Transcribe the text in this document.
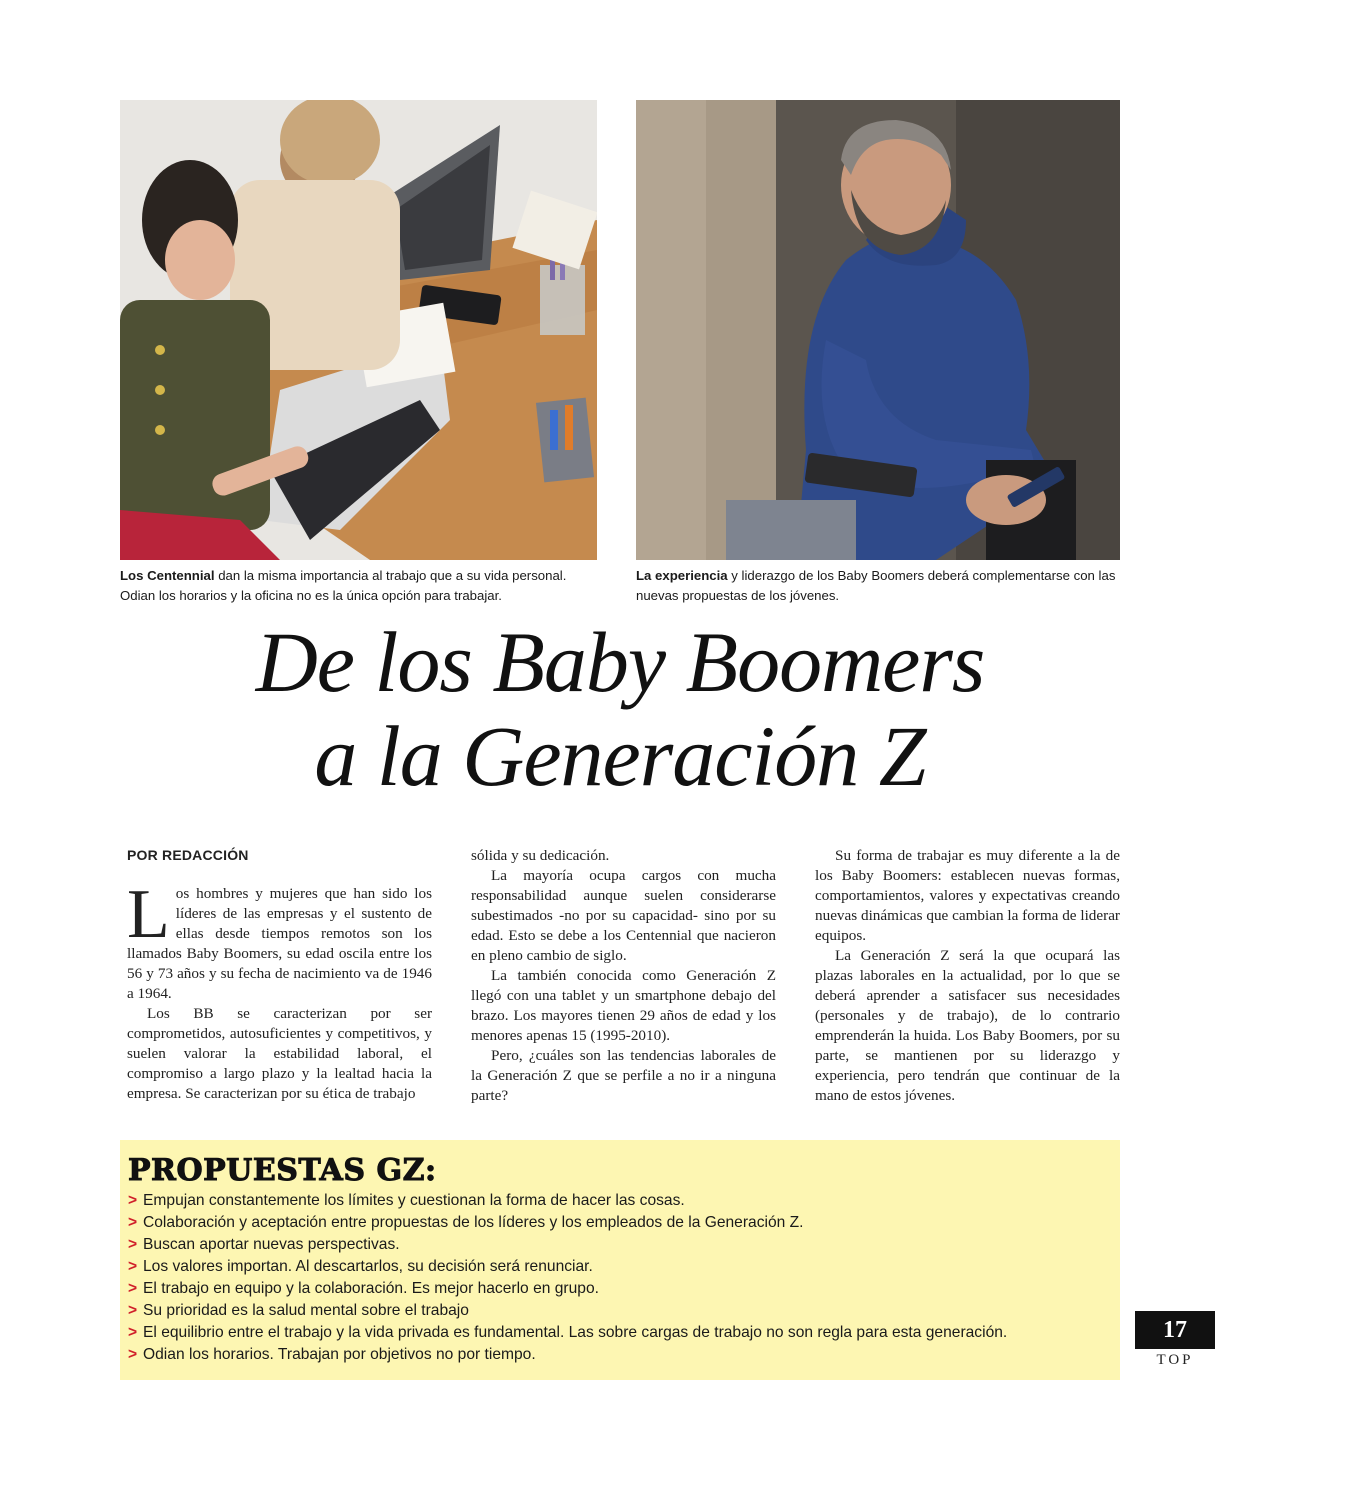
Los Centennial dan la misma importancia al trabajo que a su vida personal. Odian los horarios y la oficina no es la única opción para trabajar.
La experiencia y liderazgo de los Baby Boomers deberá complementarse con las nuevas propuestas de los jóvenes.
De los Baby Boomers
a la Generación Z

POR REDACCIÓN

Los hombres y mujeres que han sido los líderes de las empresas y el sustento de ellas desde tiempos remotos son los llamados Baby Boomers, su edad oscila entre los 56 y 73 años y su fecha de nacimiento va de 1946 a 1964.

Los BB se caracterizan por ser comprometidos, autosuficientes y competitivos, y suelen valorar la estabilidad laboral, el compromiso a largo plazo y la lealtad hacia la empresa. Se caracterizan por su ética de trabajo

sólida y su dedicación.

La mayoría ocupa cargos con mucha responsabilidad aunque suelen considerarse subestimados -no por su capacidad- sino por su edad. Esto se debe a los Centennial que nacieron en pleno cambio de siglo.

La también conocida como Generación Z llegó con una tablet y un smartphone debajo del brazo. Los mayores tienen 29 años de edad y los menores apenas 15 (1995-2010).

Pero, ¿cuáles son las tendencias laborales de la Generación Z que se perfile a no ir a ninguna parte?

Su forma de trabajar es muy diferente a la de los Baby Boomers: establecen nuevas formas, comportamientos, valores y expectativas creando nuevas dinámicas que cambian la forma de liderar equipos.

La Generación Z será la que ocupará las plazas laborales en la actualidad, por lo que se deberá aprender a satisfacer sus necesidades (personales y de trabajo), de lo contrario emprenderán la huida. Los Baby Boomers, por su parte, se mantienen por su liderazgo y experiencia, pero tendrán que continuar de la mano de estos jóvenes.

PROPUESTAS GZ:
> Empujan constantemente los límites y cuestionan la forma de hacer las cosas.
> Colaboración y aceptación entre propuestas de los líderes y los empleados de la Generación Z.
> Buscan aportar nuevas perspectivas.
> Los valores importan. Al descartarlos, su decisión será renunciar.
> El trabajo en equipo y la colaboración. Es mejor hacerlo en grupo.
> Su prioridad es la salud mental sobre el trabajo
> El equilibrio entre el trabajo y la vida privada es fundamental. Las sobre cargas de trabajo no son regla para esta generación.
> Odian los horarios. Trabajan por objetivos no por tiempo.
17
TOP
